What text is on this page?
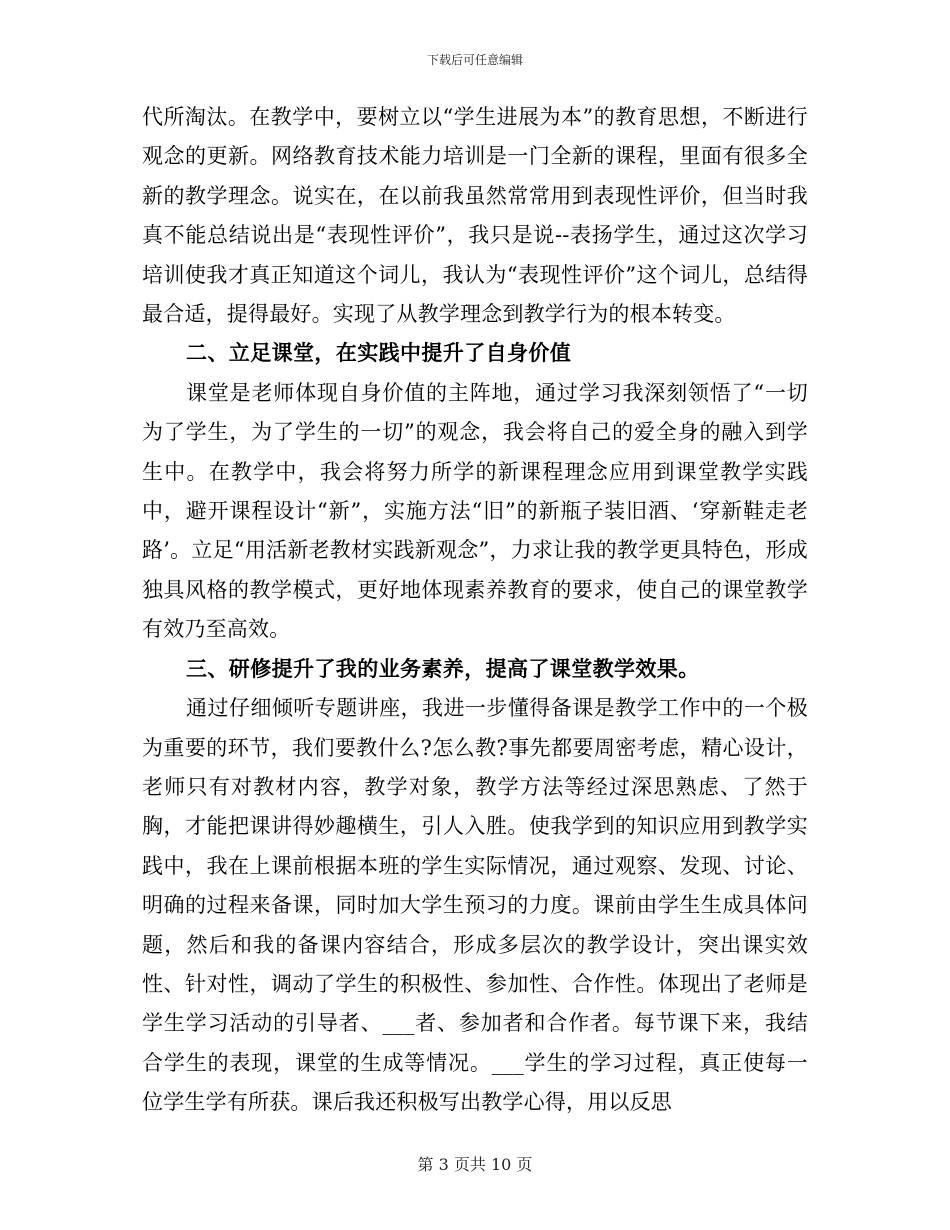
下载后可任意编辑

代所淘汰。在教学中，要树立以“学生进展为本”的教育思想，不断进行观念的更新。网络教育技术能力培训是一门全新的课程，里面有很多全新的教学理念。说实在，在以前我虽然常常用到表现性评价，但当时我真不能总结说出是“表现性评价”，我只是说--表扬学生，通过这次学习培训使我才真正知道这个词儿，我认为“表现性评价”这个词儿，总结得最合适，提得最好。实现了从教学理念到教学行为的根本转变。

二、立足课堂，在实践中提升了自身价值

课堂是老师体现自身价值的主阵地，通过学习我深刻领悟了“一切为了学生，为了学生的一切”的观念，我会将自己的爱全身的融入到学生中。在教学中，我会将努力所学的新课程理念应用到课堂教学实践中，避开课程设计“新”，实施方法“旧”的新瓶子装旧酒、‘穿新鞋走老路’。立足“用活新老教材实践新观念”，力求让我的教学更具特色，形成独具风格的教学模式，更好地体现素养教育的要求，使自己的课堂教学有效乃至高效。

三、研修提升了我的业务素养，提高了课堂教学效果。

通过仔细倾听专题讲座，我进一步懂得备课是教学工作中的一个极为重要的环节，我们要教什么?怎么教?事先都要周密考虑，精心设计，老师只有对教材内容，教学对象，教学方法等经过深思熟虑、了然于胸，才能把课讲得妙趣横生，引人入胜。使我学到的知识应用到教学实践中，我在上课前根据本班的学生实际情况，通过观察、发现、讨论、明确的过程来备课，同时加大学生预习的力度。课前由学生生成具体问题，然后和我的备课内容结合，形成多层次的教学设计，突出课实效性、针对性，调动了学生的积极性、参加性、合作性。体现出了老师是学生学习活动的引导者、___者、参加者和合作者。每节课下来，我结合学生的表现，课堂的生成等情况。___学生的学习过程，真正使每一位学生学有所获。课后我还积极写出教学心得，用以反思

第 3 页共 10 页
